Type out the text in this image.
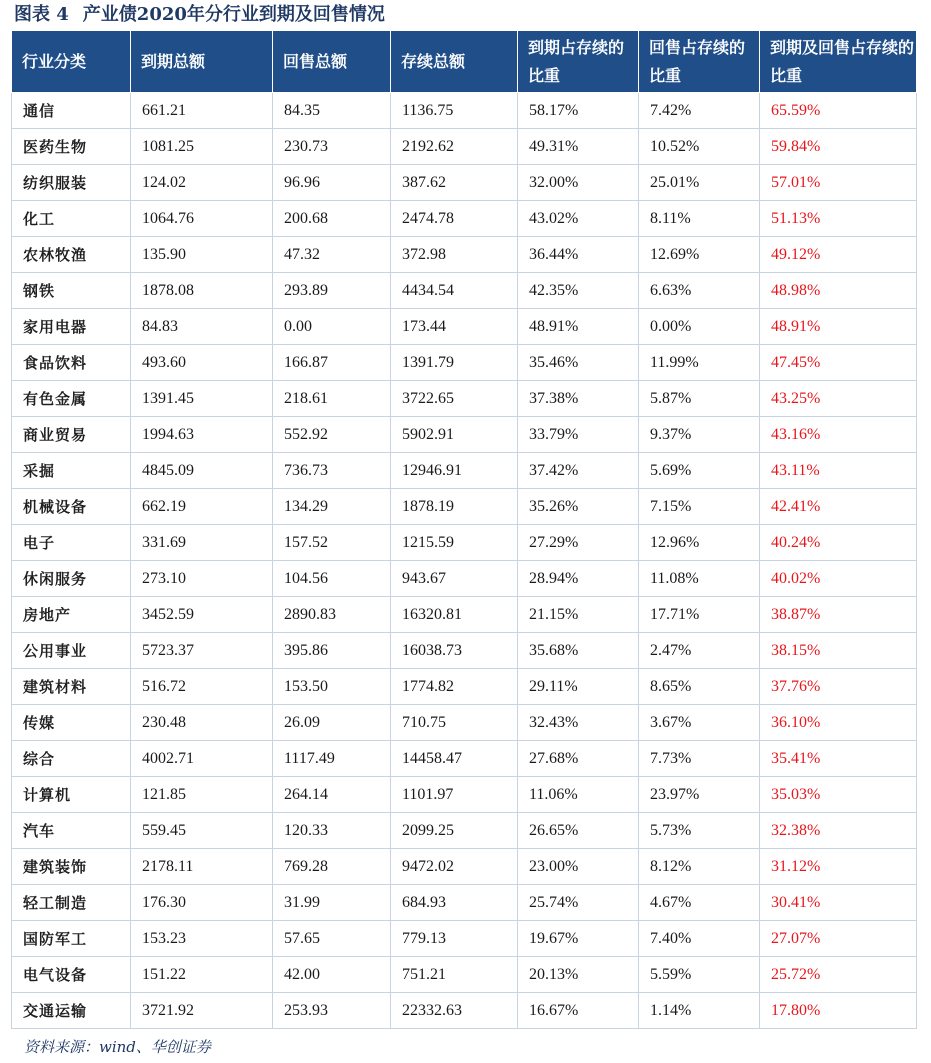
图表 4 产业债2020年分行业到期及回售情况
行业分类	到期总额	回售总额	存续总额	到期占存续的比重	回售占存续的比重	到期及回售占存续的比重
通信	661.21	84.35	1136.75	58.17%	7.42%	65.59%
医药生物	1081.25	230.73	2192.62	49.31%	10.52%	59.84%
纺织服装	124.02	96.96	387.62	32.00%	25.01%	57.01%
化工	1064.76	200.68	2474.78	43.02%	8.11%	51.13%
农林牧渔	135.90	47.32	372.98	36.44%	12.69%	49.12%
钢铁	1878.08	293.89	4434.54	42.35%	6.63%	48.98%
家用电器	84.83	0.00	173.44	48.91%	0.00%	48.91%
食品饮料	493.60	166.87	1391.79	35.46%	11.99%	47.45%
有色金属	1391.45	218.61	3722.65	37.38%	5.87%	43.25%
商业贸易	1994.63	552.92	5902.91	33.79%	9.37%	43.16%
采掘	4845.09	736.73	12946.91	37.42%	5.69%	43.11%
机械设备	662.19	134.29	1878.19	35.26%	7.15%	42.41%
电子	331.69	157.52	1215.59	27.29%	12.96%	40.24%
休闲服务	273.10	104.56	943.67	28.94%	11.08%	40.02%
房地产	3452.59	2890.83	16320.81	21.15%	17.71%	38.87%
公用事业	5723.37	395.86	16038.73	35.68%	2.47%	38.15%
建筑材料	516.72	153.50	1774.82	29.11%	8.65%	37.76%
传媒	230.48	26.09	710.75	32.43%	3.67%	36.10%
综合	4002.71	1117.49	14458.47	27.68%	7.73%	35.41%
计算机	121.85	264.14	1101.97	11.06%	23.97%	35.03%
汽车	559.45	120.33	2099.25	26.65%	5.73%	32.38%
建筑装饰	2178.11	769.28	9472.02	23.00%	8.12%	31.12%
轻工制造	176.30	31.99	684.93	25.74%	4.67%	30.41%
国防军工	153.23	57.65	779.13	19.67%	7.40%	27.07%
电气设备	151.22	42.00	751.21	20.13%	5.59%	25.72%
交通运输	3721.92	253.93	22332.63	16.67%	1.14%	17.80%
资料来源：wind、华创证券
